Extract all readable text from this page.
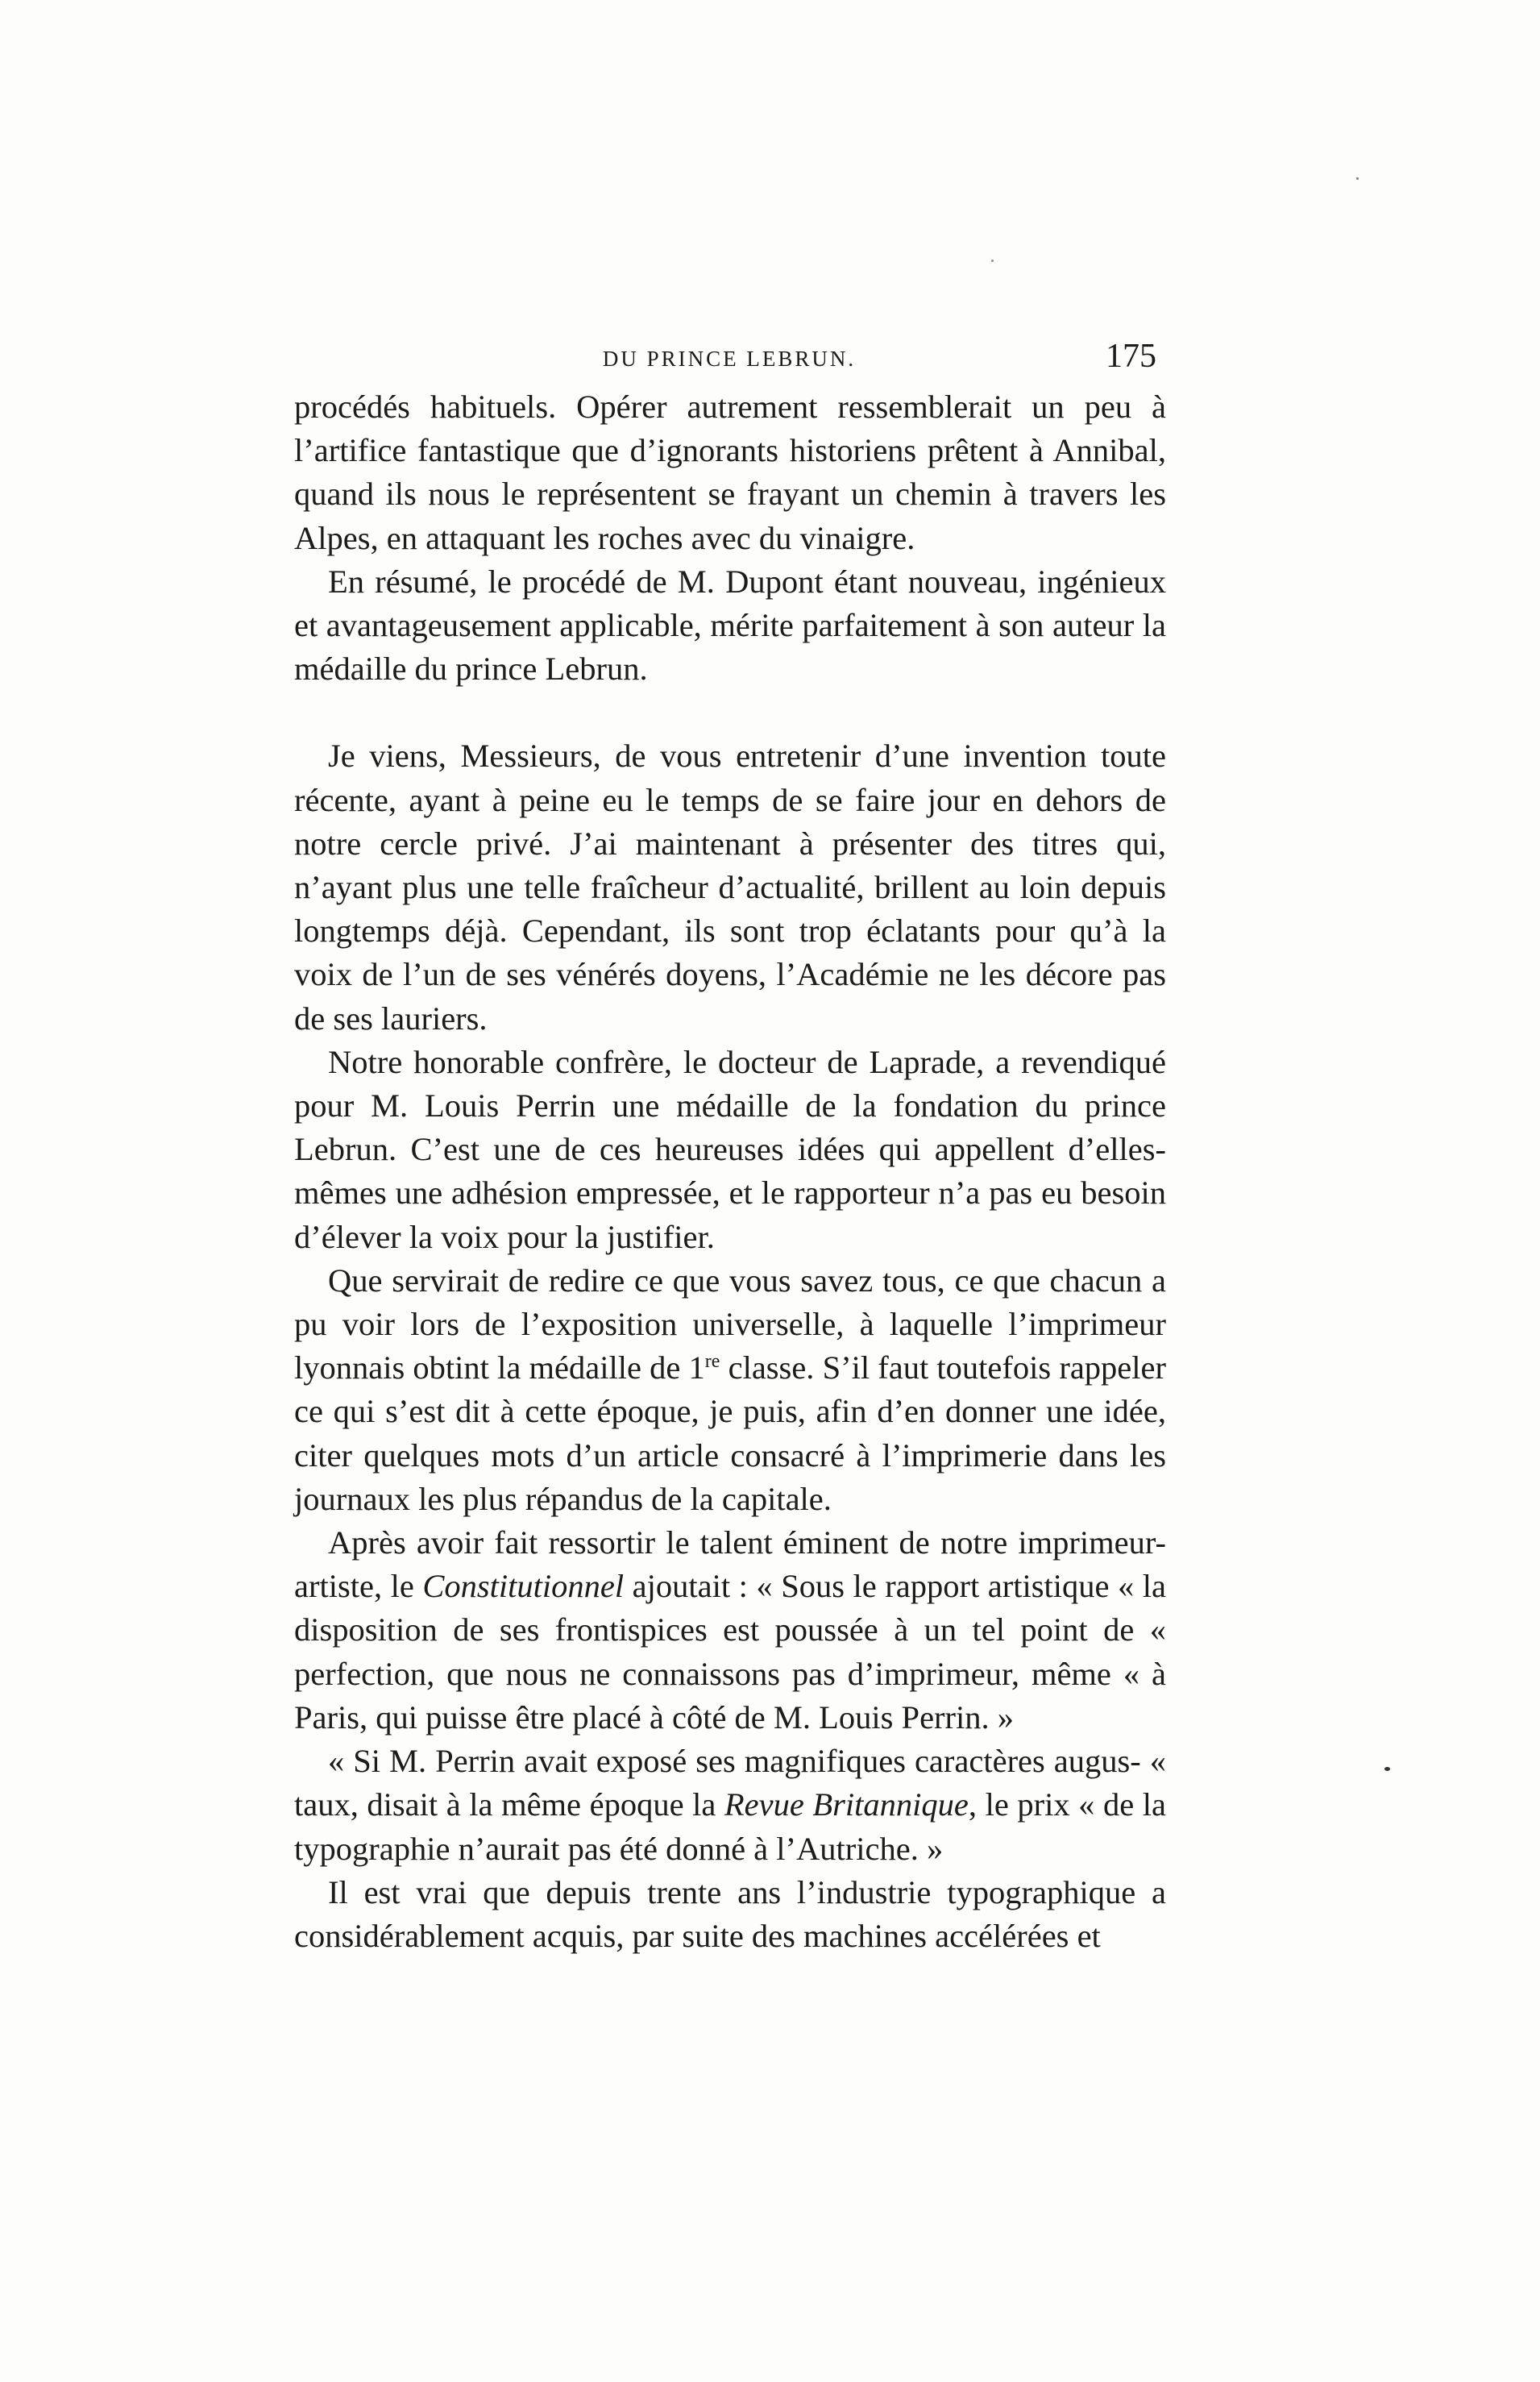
DU PRINCE LEBRUN.	175

procédés habituels. Opérer autrement ressemblerait un peu à l’artifice fantastique que d’ignorants historiens prêtent à Annibal, quand ils nous le représentent se frayant un chemin à travers les Alpes, en attaquant les roches avec du vinaigre.

En résumé, le procédé de M. Dupont étant nouveau, ingénieux et avantageusement applicable, mérite parfaitement à son auteur la médaille du prince Lebrun.

Je viens, Messieurs, de vous entretenir d’une invention toute récente, ayant à peine eu le temps de se faire jour en dehors de notre cercle privé. J’ai maintenant à présenter des titres qui, n’ayant plus une telle fraîcheur d’actualité, brillent au loin depuis longtemps déjà. Cependant, ils sont trop éclatants pour qu’à la voix de l’un de ses vénérés doyens, l’Académie ne les décore pas de ses lauriers.

Notre honorable confrère, le docteur de Laprade, a revendiqué pour M. Louis Perrin une médaille de la fondation du prince Lebrun. C’est une de ces heureuses idées qui appellent d’elles-mêmes une adhésion empressée, et le rapporteur n’a pas eu besoin d’élever la voix pour la justifier.

Que servirait de redire ce que vous savez tous, ce que chacun a pu voir lors de l’exposition universelle, à laquelle l’imprimeur lyonnais obtint la médaille de 1re classe. S’il faut toutefois rappeler ce qui s’est dit à cette époque, je puis, afin d’en donner une idée, citer quelques mots d’un article consacré à l’imprimerie dans les journaux les plus répandus de la capitale.

Après avoir fait ressortir le talent éminent de notre imprimeur-artiste, le Constitutionnel ajoutait : « Sous le rapport artistique « la disposition de ses frontispices est poussée à un tel point de « perfection, que nous ne connaissons pas d’imprimeur, même « à Paris, qui puisse être placé à côté de M. Louis Perrin. »

« Si M. Perrin avait exposé ses magnifiques caractères augus- « taux, disait à la même époque la Revue Britannique, le prix « de la typographie n’aurait pas été donné à l’Autriche. »

Il est vrai que depuis trente ans l’industrie typographique a considérablement acquis, par suite des machines accélérées et
